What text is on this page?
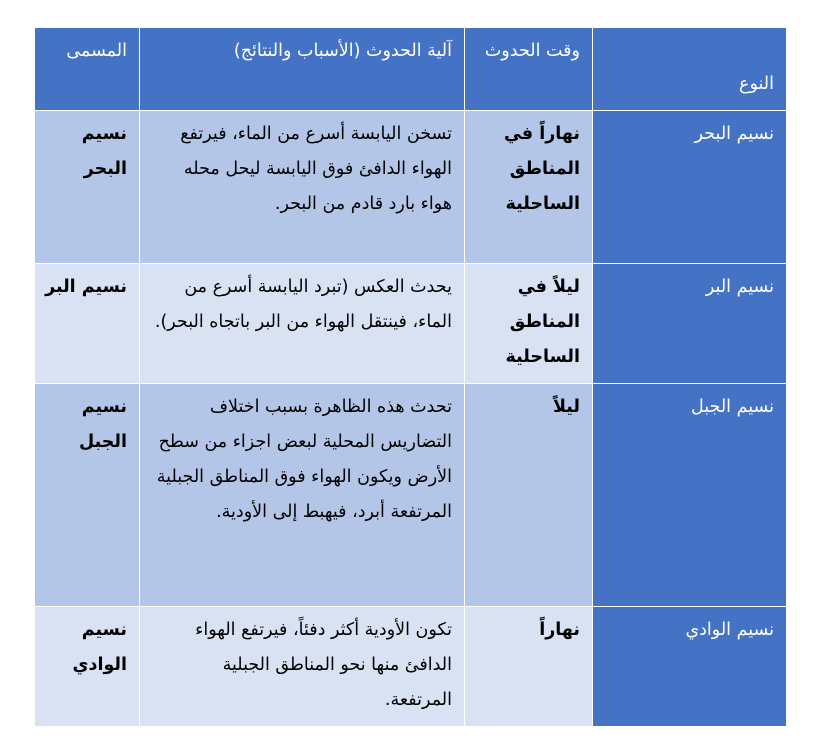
النوع	وقت الحدوث	آلية الحدوث (الأسباب والنتائج)	المسمى
نسيم البحر	نهاراً في المناطق الساحلية	تسخن اليابسة أسرع من الماء، فيرتفع الهواء الدافئ فوق اليابسة ليحل محله هواء بارد قادم من البحر.	نسيم البحر
نسيم البر	ليلاً في المناطق الساحلية	يحدث العكس (تبرد اليابسة أسرع من الماء، فينتقل الهواء من البر باتجاه البحر).	نسيم البر
نسيم الجبل	ليلاً	تحدث هذه الظاهرة بسبب اختلاف التضاريس المحلية لبعض اجزاء من سطح الأرض ويكون الهواء فوق المناطق الجبلية المرتفعة أبرد، فيهبط إلى الأودية.	نسيم الجبل
نسيم الوادي	نهاراً	تكون الأودية أكثر دفئاً، فيرتفع الهواء الدافئ منها نحو المناطق الجبلية المرتفعة.	نسيم الوادي
